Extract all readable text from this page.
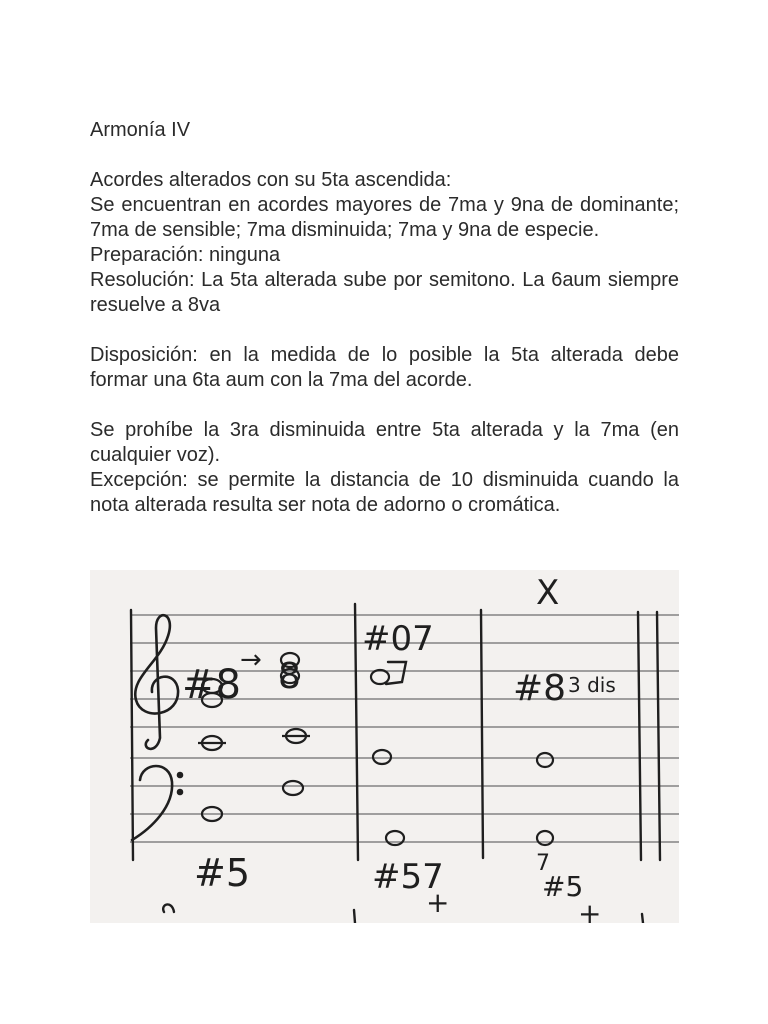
Armonía IV

Acordes alterados con su 5ta ascendida:

Se encuentran en acordes mayores de 7ma y 9na de dominante; 7ma de sensible; 7ma disminuida; 7ma y 9na de especie.

Preparación: ninguna

Resolución: La 5ta alterada sube por semitono. La 6aum siempre resuelve a 8va

Disposición: en la medida de lo posible la 5ta alterada debe formar una 6ta aum con la 7ma del acorde.

Se prohíbe la 3ra disminuida entre 5ta alterada y la 7ma (en cualquier voz).

Excepción: se permite la distancia de 10 disminuida cuando la nota alterada resulta ser nota de adorno o cromática.

#8
→ 8
#07
#8 3 dis
X
#5	#57	7
#5
+	+
